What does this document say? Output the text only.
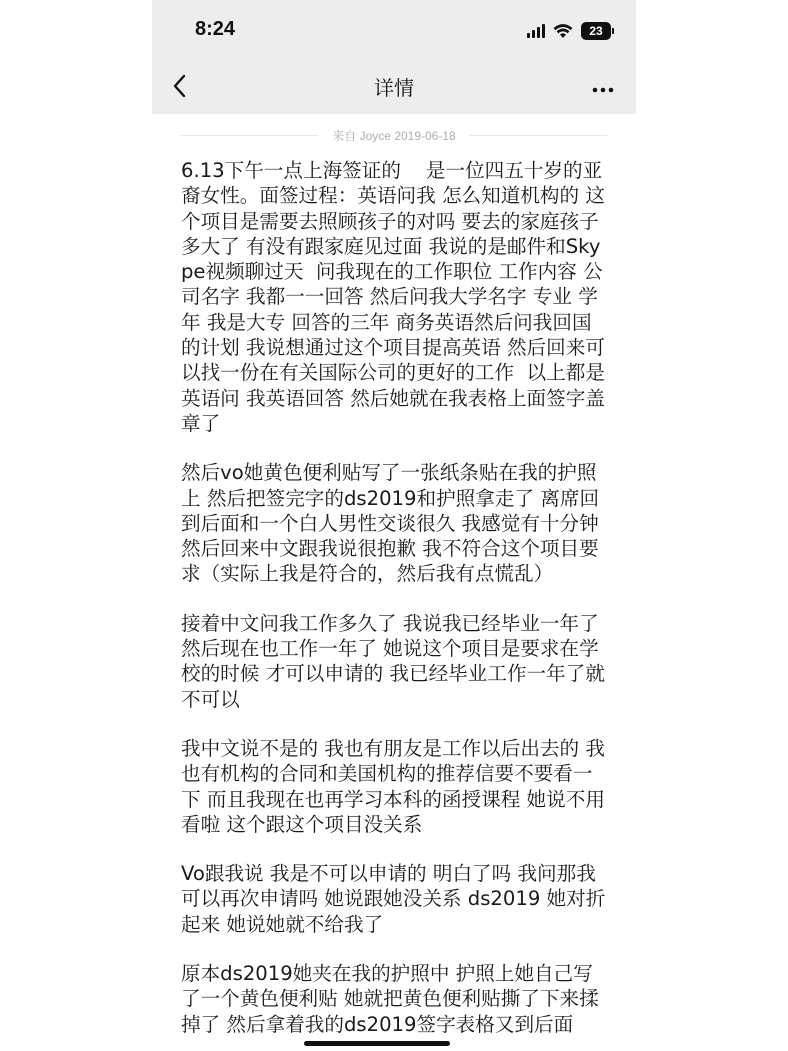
8:24	23
详情
来自 Joyce 2019-06-18

6.13下午一点上海签证的    是一位四五十岁的亚裔女性。面签过程：英语问我 怎么知道机构的 这个项目是需要去照顾孩子的对吗 要去的家庭孩子多大了 有没有跟家庭见过面 我说的是邮件和Skype视频聊过天  问我现在的工作职位 工作内容 公司名字 我都一一回答 然后问我大学名字 专业 学年 我是大专 回答的三年 商务英语然后问我回国的计划 我说想通过这个项目提高英语 然后回来可以找一份在有关国际公司的更好的工作  以上都是英语问 我英语回答 然后她就在我表格上面签字盖章了

然后vo她黄色便利贴写了一张纸条贴在我的护照上 然后把签完字的ds2019和护照拿走了 离席回到后面和一个白人男性交谈很久 我感觉有十分钟 然后回来中文跟我说很抱歉 我不符合这个项目要求（实际上我是符合的，然后我有点慌乱）

接着中文问我工作多久了 我说我已经毕业一年了 然后现在也工作一年了 她说这个项目是要求在学校的时候 才可以申请的 我已经毕业工作一年了就不可以

我中文说不是的 我也有朋友是工作以后出去的 我也有机构的合同和美国机构的推荐信要不要看一下 而且我现在也再学习本科的函授课程 她说不用看啦 这个跟这个项目没关系

Vo跟我说 我是不可以申请的 明白了吗 我问那我可以再次申请吗 她说跟她没关系 ds2019 她对折起来 她说她就不给我了

原本ds2019她夹在我的护照中 护照上她自己写了一个黄色便利贴 她就把黄色便利贴撕了下来揉掉了 然后拿着我的ds2019签字表格又到后面
